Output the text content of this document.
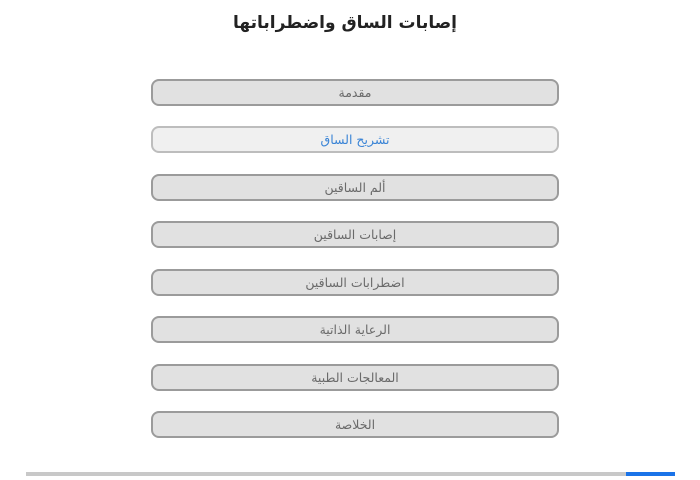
إصابات الساق واضطراباتها
مقدمة
تشريح الساق
ألم الساقين
إصابات الساقين
اضطرابات الساقين
الرعاية الذاتية
المعالجات الطبية
الخلاصة
